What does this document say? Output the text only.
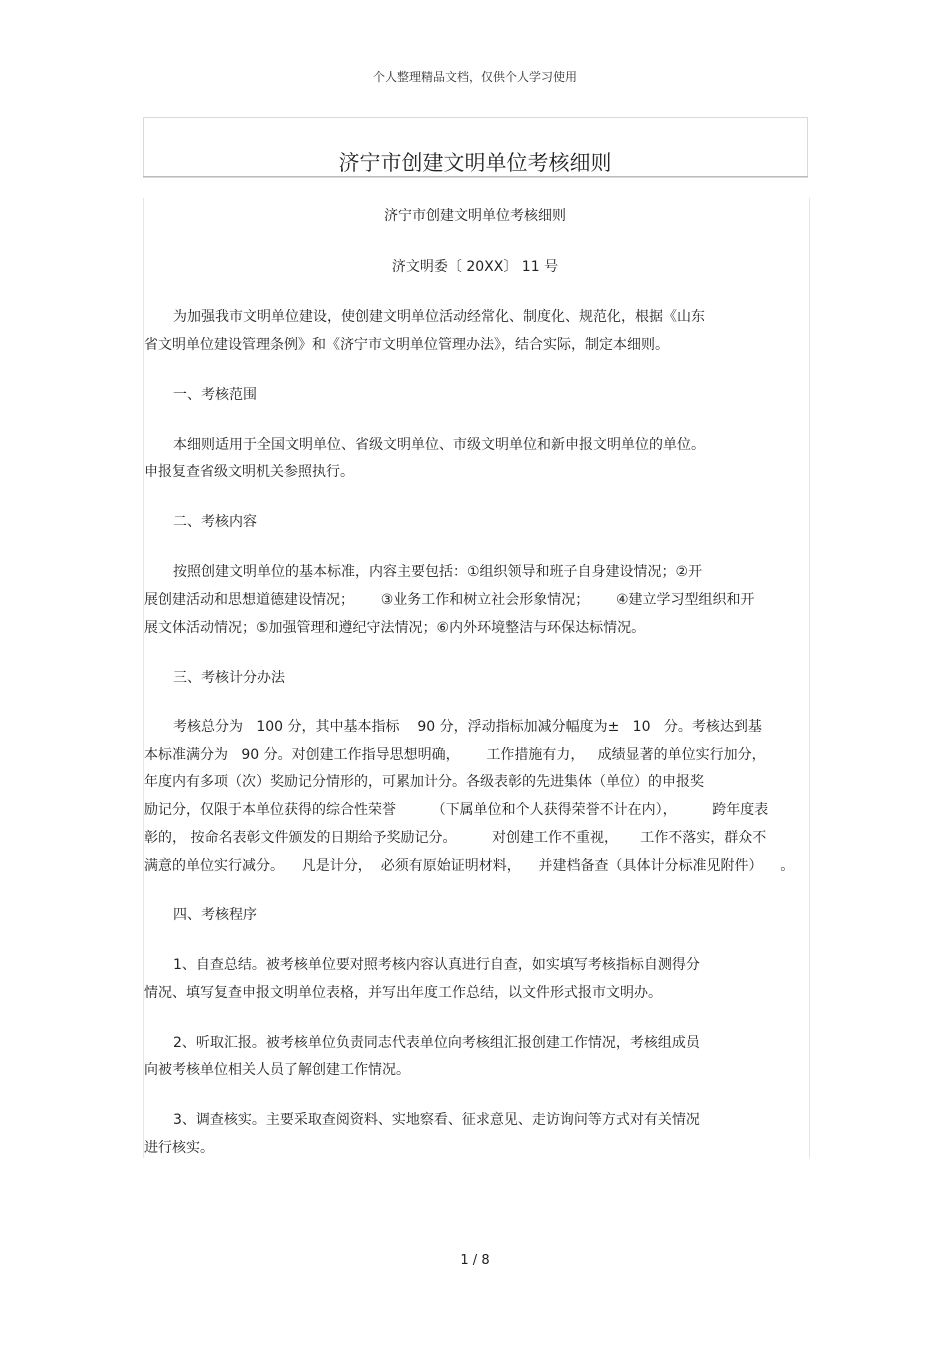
个人整理精品文档，仅供个人学习使用
济宁市创建文明单位考核细则
济宁市创建文明单位考核细则
济文明委〔 20XX〕 11 号
为加强我市文明单位建设，使创建文明单位活动经常化、制度化、规范化，根据《山东
省文明单位建设管理条例》和《济宁市文明单位管理办法》，结合实际，制定本细则。
一、考核范围
本细则适用于全国文明单位、省级文明单位、市级文明单位和新申报文明单位的单位。
申报复查省级文明机关参照执行。
二、考核内容
按照创建文明单位的基本标准，内容主要包括：①组织领导和班子自身建设情况；②开
展创建活动和思想道德建设情况；      ③业务工作和树立社会形象情况；      ④建立学习型组织和开
展文体活动情况；⑤加强管理和遵纪守法情况；⑥内外环境整洁与环保达标情况。
三、考核计分办法
考核总分为   100 分，其中基本指标    90 分，浮动指标加减分幅度为±   10   分。考核达到基
本标准满分为   90 分。对创建工作指导思想明确，      工作措施有力，   成绩显著的单位实行加分，
年度内有多项（次）奖励记分情形的，可累加计分。各级表彰的先进集体（单位）的申报奖
励记分，仅限于本单位获得的综合性荣誉        （下属单位和个人获得荣誉不计在内），        跨年度表
彰的， 按命名表彰文件颁发的日期给予奖励记分。        对创建工作不重视，     工作不落实，群众不
满意的单位实行减分。    凡是计分，  必须有原始证明材料，    并建档备查（具体计分标准见附件）    。
四、考核程序
1、自查总结。被考核单位要对照考核内容认真进行自查，如实填写考核指标自测得分
情况、填写复查申报文明单位表格，并写出年度工作总结，以文件形式报市文明办。
2、听取汇报。被考核单位负责同志代表单位向考核组汇报创建工作情况，考核组成员
向被考核单位相关人员了解创建工作情况。
3、调查核实。主要采取查阅资料、实地察看、征求意见、走访询问等方式对有关情况
进行核实。
1 / 8
